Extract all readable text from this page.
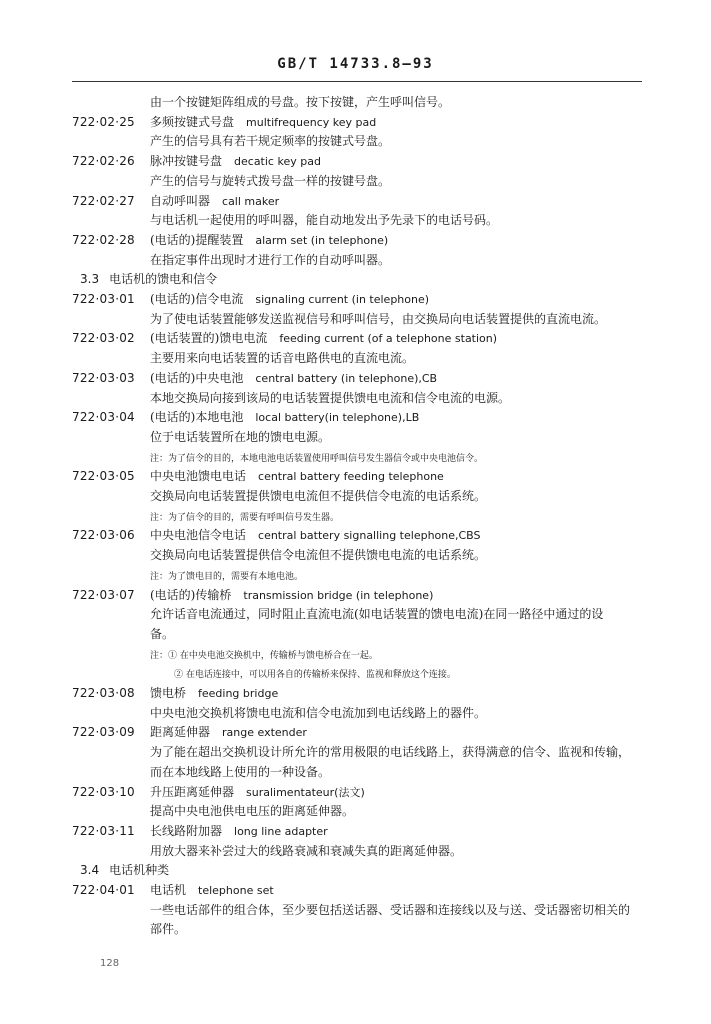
GB/T 14733.8—93
由一个按键矩阵组成的号盘。按下按键，产生呼叫信号。
722·02·25 多频按键式号盘 multifrequency key pad
产生的信号具有若干规定频率的按键式号盘。
722·02·26 脉冲按键号盘 decatic key pad
产生的信号与旋转式拨号盘一样的按键号盘。
722·02·27 自动呼叫器 call maker
与电话机一起使用的呼叫器，能自动地发出予先录下的电话号码。
722·02·28 (电话的)提醒装置 alarm set (in telephone)
在指定事件出现时才进行工作的自动呼叫器。
3.3 电话机的馈电和信令
722·03·01 (电话的)信令电流 signaling current (in telephone)
为了使电话装置能够发送监视信号和呼叫信号，由交换局向电话装置提供的直流电流。
722·03·02 (电话装置的)馈电电流 feeding current (of a telephone station)
主要用来向电话装置的话音电路供电的直流电流。
722·03·03 (电话的)中央电池 central battery (in telephone),CB
本地交换局向接到该局的电话装置提供馈电电流和信令电流的电源。
722·03·04 (电话的)本地电池 local battery(in telephone),LB
位于电话装置所在地的馈电电源。
注：为了信令的目的，本地电池电话装置使用呼叫信号发生器信令或中央电池信令。
722·03·05 中央电池馈电电话 central battery feeding telephone
交换局向电话装置提供馈电电流但不提供信令电流的电话系统。
注：为了信令的目的，需要有呼叫信号发生器。
722·03·06 中央电池信令电话 central battery signalling telephone,CBS
交换局向电话装置提供信令电流但不提供馈电电流的电话系统。
注：为了馈电目的，需要有本地电池。
722·03·07 (电话的)传输桥 transmission bridge (in telephone)
允许话音电流通过，同时阻止直流电流(如电话装置的馈电电流)在同一路径中通过的设
备。
注：① 在中央电池交换机中，传输桥与馈电桥合在一起。
② 在电话连接中，可以用各自的传输桥来保持、监视和释放这个连接。
722·03·08 馈电桥 feeding bridge
中央电池交换机将馈电电流和信令电流加到电话线路上的器件。
722·03·09 距离延伸器 range extender
为了能在超出交换机设计所允许的常用极限的电话线路上，获得满意的信令、监视和传输，
而在本地线路上使用的一种设备。
722·03·10 升压距离延伸器 suralimentateur(法文)
提高中央电池供电电压的距离延伸器。
722·03·11 长线路附加器 long line adapter
用放大器来补尝过大的线路衰减和衰减失真的距离延伸器。
3.4 电话机种类
722·04·01 电话机 telephone set
一些电话部件的组合体，至少要包括送话器、受话器和连接线以及与送、受话器密切相关的
部件。
128
